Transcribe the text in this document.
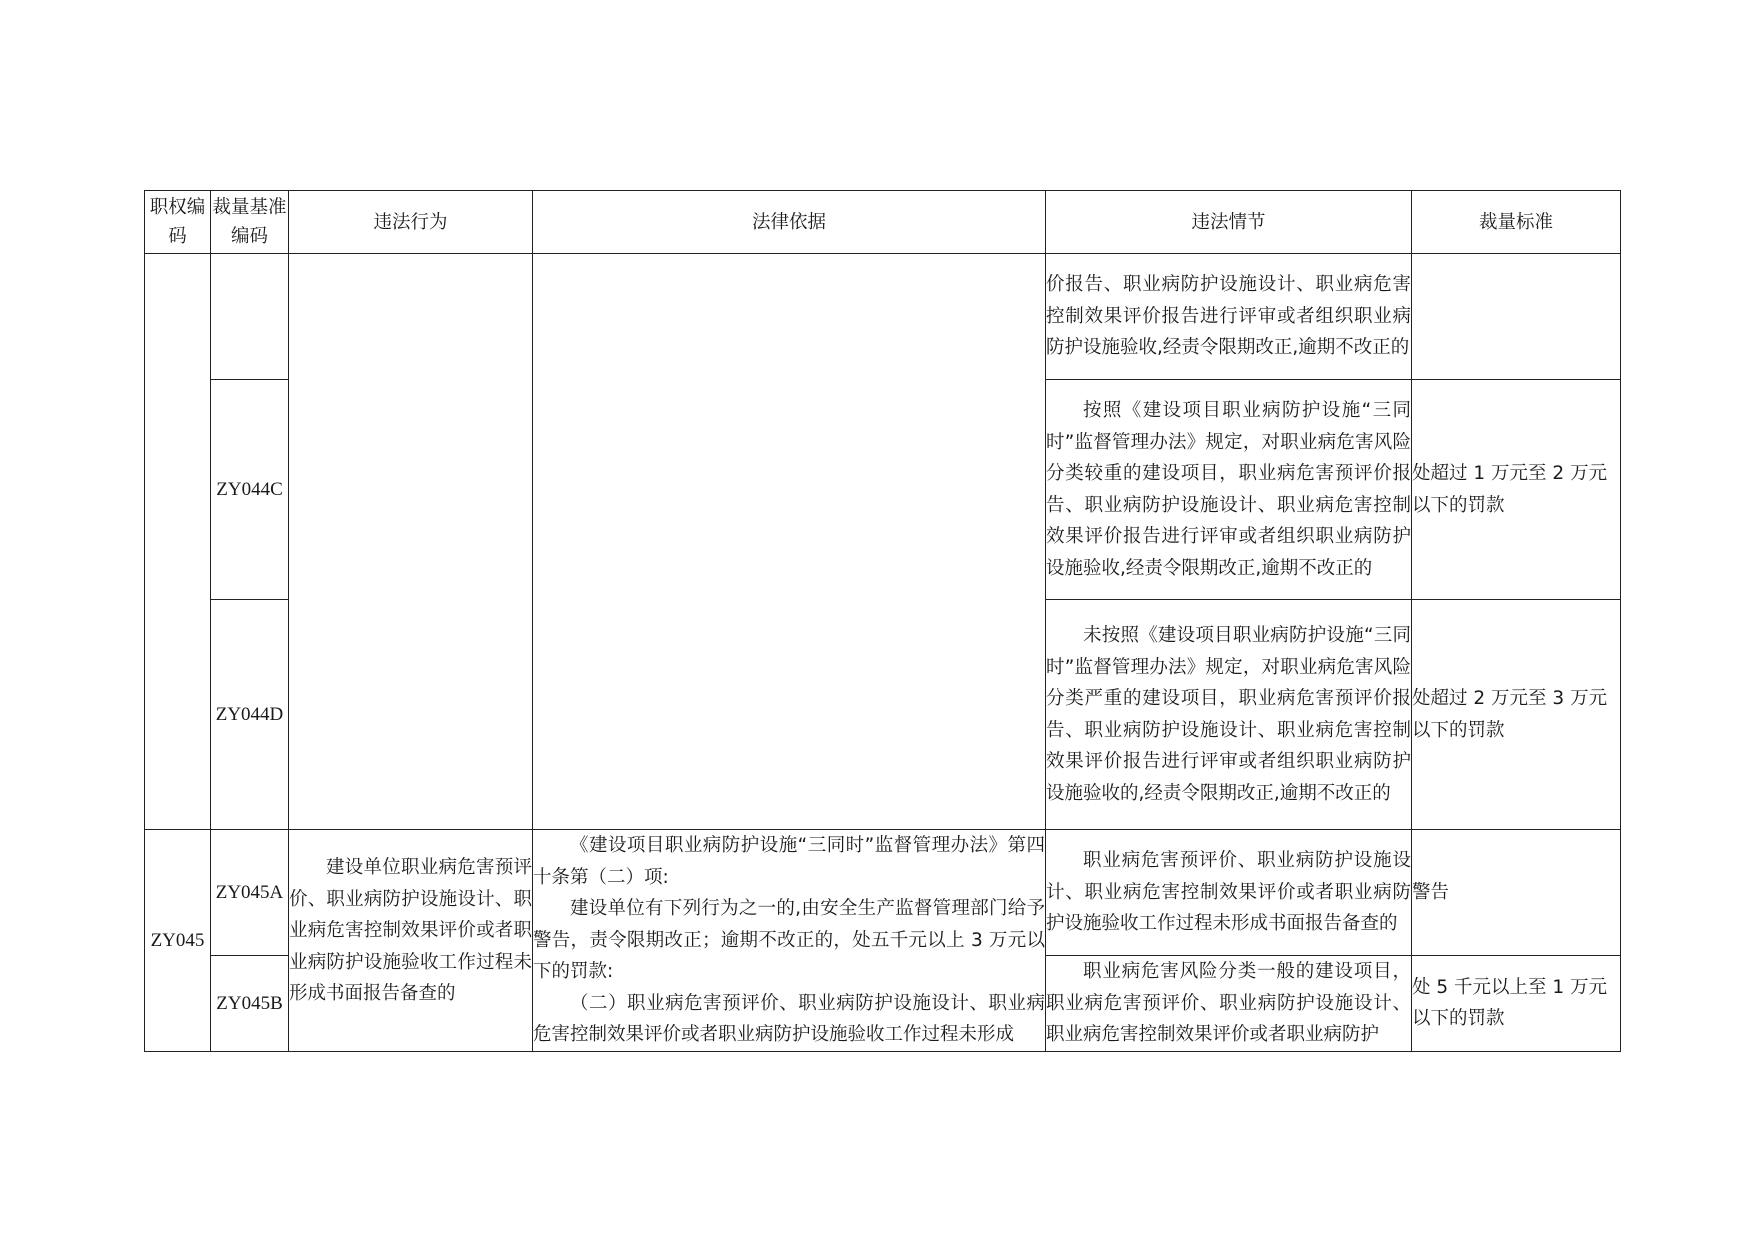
职权编码	裁量基准编码	违法行为	法律依据	违法情节	裁量标准

				价报告、职业病防护设施设计、职业病危害控制效果评价报告进行评审或者组织职业病防护设施验收,经责令限期改正,逾期不改正的	

	ZY044C			按照《建设项目职业病防护设施“三同时”监督管理办法》规定，对职业病危害风险分类较重的建设项目，职业病危害预评价报告、职业病防护设施设计、职业病危害控制效果评价报告进行评审或者组织职业病防护设施验收,经责令限期改正,逾期不改正的	处超过 1 万元至 2 万元以下的罚款
	ZY044D			未按照《建设项目职业病防护设施“三同时”监督管理办法》规定，对职业病危害风险分类严重的建设项目，职业病危害预评价报告、职业病防护设施设计、职业病危害控制效果评价报告进行评审或者组织职业病防护设施验收的,经责令限期改正,逾期不改正的	处超过 2 万元至 3 万元以下的罚款
ZY045	ZY045A	建设单位职业病危害预评价、职业病防护设施设计、职业病危害控制效果评价或者职业病防护设施验收工作过程未形成书面报告备查的	《建设项目职业病防护设施“三同时”监督管理办法》第四十条第（二）项:

建设单位有下列行为之一的,由安全生产监督管理部门给予警告，责令限期改正；逾期不改正的，处五千元以上 3 万元以下的罚款:

（二）职业病危害预评价、职业病防护设施设计、职业病危害控制效果评价或者职业病防护设施验收工作过程未形成	职业病危害预评价、职业病防护设施设计、职业病危害控制效果评价或者职业病防护设施验收工作过程未形成书面报告备查的	警告
	ZY045B			职业病危害风险分类一般的建设项目，职业病危害预评价、职业病防护设施设计、职业病危害控制效果评价或者职业病防护	处 5 千元以上至 1 万元以下的罚款
